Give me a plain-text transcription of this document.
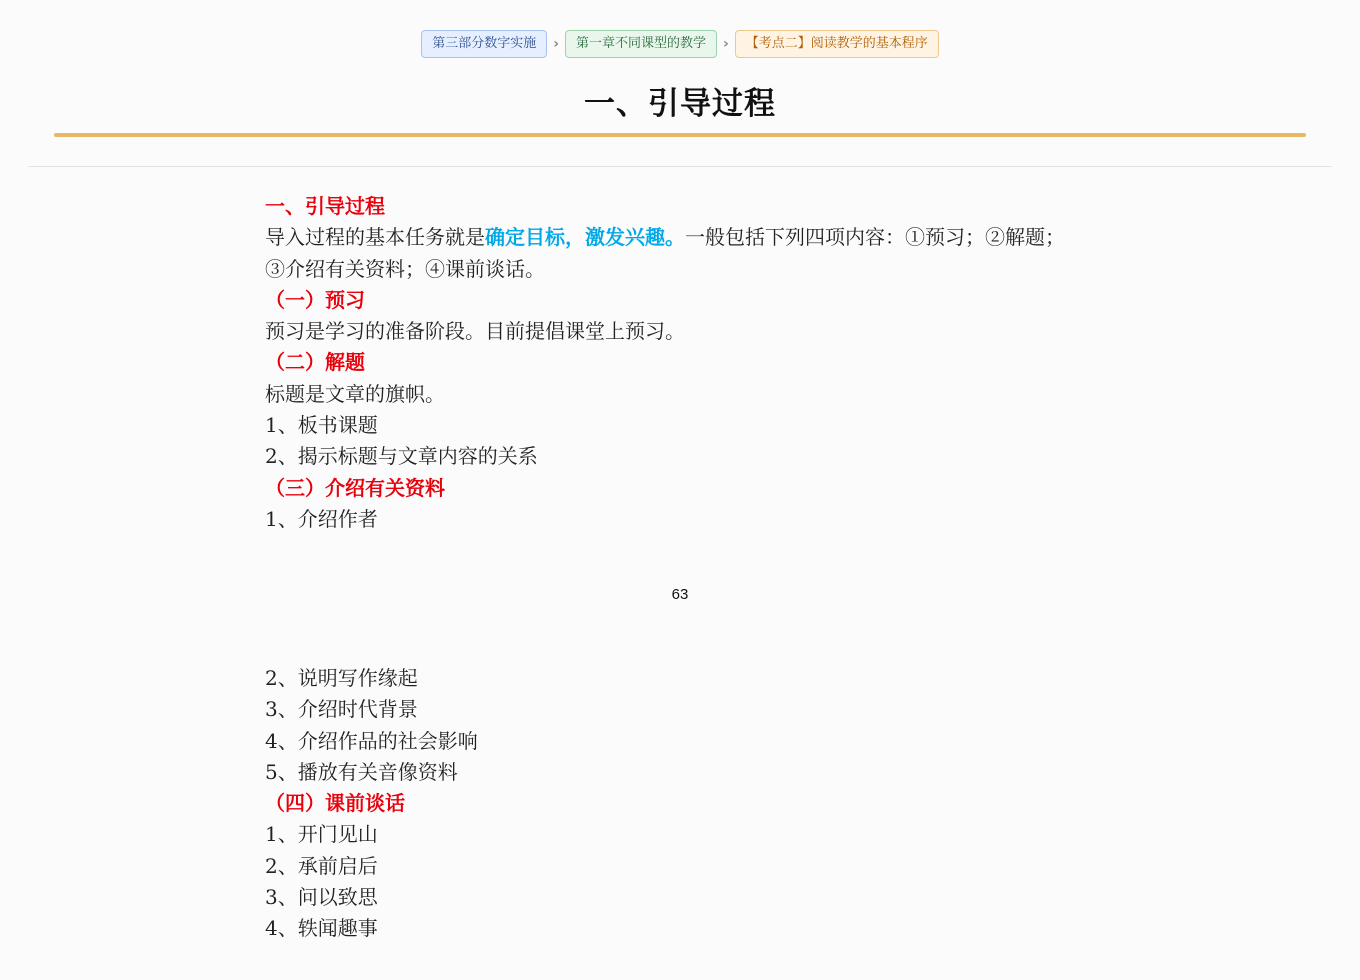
第三部分数字实施	›	第一章不同课型的教学	›	【考点二】阅读教学的基本程序
一、引导过程
一、引导过程
导入过程的基本任务就是确定目标，激发兴趣。一般包括下列四项内容：①预习；②解题；
③介绍有关资料；④课前谈话。
（一）预习
预习是学习的准备阶段。目前提倡课堂上预习。
（二）解题
标题是文章的旗帜。
1、板书课题
2、揭示标题与文章内容的关系
（三）介绍有关资料
1、介绍作者
63
2、说明写作缘起
3、介绍时代背景
4、介绍作品的社会影响
5、播放有关音像资料
（四）课前谈话
1、开门见山
2、承前启后
3、问以致思
4、轶闻趣事
